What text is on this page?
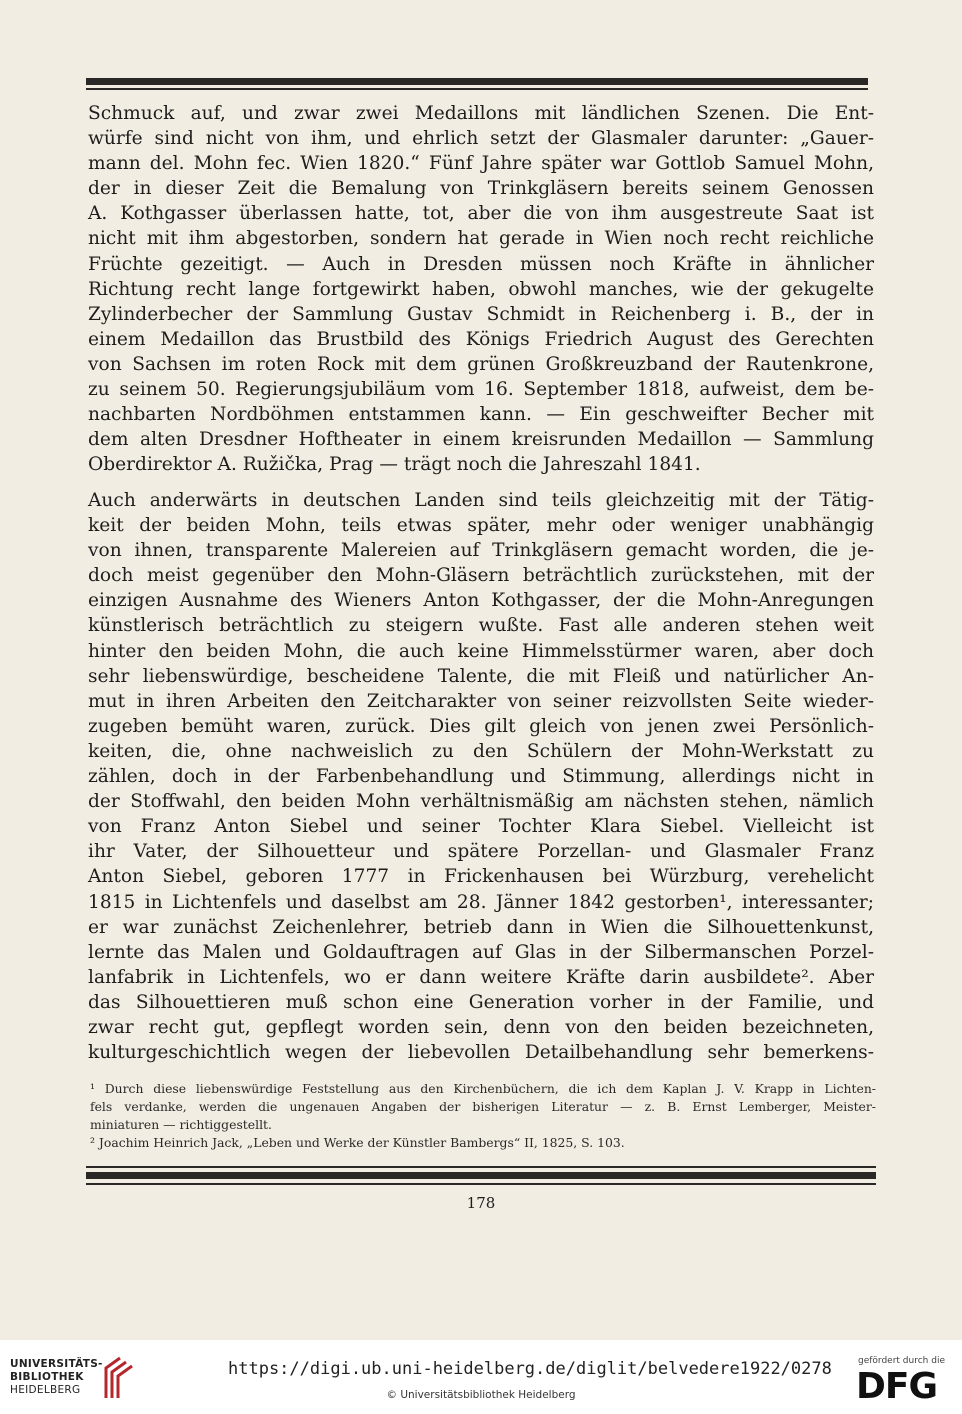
Schmuck auf, und zwar zwei Medaillons mit ländlichen Szenen. Die Ent-
würfe sind nicht von ihm, und ehrlich setzt der Glasmaler darunter: „Gauer-
mann del. Mohn fec. Wien 1820.“ Fünf Jahre später war Gottlob Samuel Mohn,
der in dieser Zeit die Bemalung von Trinkgläsern bereits seinem Genossen
A. Kothgasser überlassen hatte, tot, aber die von ihm ausgestreute Saat ist
nicht mit ihm abgestorben, sondern hat gerade in Wien noch recht reichliche
Früchte gezeitigt. — Auch in Dresden müssen noch Kräfte in ähnlicher
Richtung recht lange fortgewirkt haben, obwohl manches, wie der gekugelte
Zylinderbecher der Sammlung Gustav Schmidt in Reichenberg i. B., der in
einem Medaillon das Brustbild des Königs Friedrich August des Gerechten
von Sachsen im roten Rock mit dem grünen Großkreuzband der Rautenkrone,
zu seinem 50. Regierungsjubiläum vom 16. September 1818, aufweist, dem be-
nachbarten Nordböhmen entstammen kann. — Ein geschweifter Becher mit
dem alten Dresdner Hoftheater in einem kreisrunden Medaillon — Sammlung
Oberdirektor A. Ružička, Prag — trägt noch die Jahreszahl 1841.
Auch anderwärts in deutschen Landen sind teils gleichzeitig mit der Tätig-
keit der beiden Mohn, teils etwas später, mehr oder weniger unabhängig
von ihnen, transparente Malereien auf Trinkgläsern gemacht worden, die je-
doch meist gegenüber den Mohn-Gläsern beträchtlich zurückstehen, mit der
einzigen Ausnahme des Wieners Anton Kothgasser, der die Mohn-Anregungen
künstlerisch beträchtlich zu steigern wußte. Fast alle anderen stehen weit
hinter den beiden Mohn, die auch keine Himmelsstürmer waren, aber doch
sehr liebenswürdige, bescheidene Talente, die mit Fleiß und natürlicher An-
mut in ihren Arbeiten den Zeitcharakter von seiner reizvollsten Seite wieder-
zugeben bemüht waren, zurück. Dies gilt gleich von jenen zwei Persönlich-
keiten, die, ohne nachweislich zu den Schülern der Mohn-Werkstatt zu
zählen, doch in der Farbenbehandlung und Stimmung, allerdings nicht in
der Stoffwahl, den beiden Mohn verhältnismäßig am nächsten stehen, nämlich
von Franz Anton Siebel und seiner Tochter Klara Siebel. Vielleicht ist
ihr Vater, der Silhouetteur und spätere Porzellan- und Glasmaler Franz
Anton Siebel, geboren 1777 in Frickenhausen bei Würzburg, verehelicht
1815 in Lichtenfels und daselbst am 28. Jänner 1842 gestorben¹, interessanter;
er war zunächst Zeichenlehrer, betrieb dann in Wien die Silhouettenkunst,
lernte das Malen und Goldauftragen auf Glas in der Silbermanschen Porzel-
lanfabrik in Lichtenfels, wo er dann weitere Kräfte darin ausbildete². Aber
das Silhouettieren muß schon eine Generation vorher in der Familie, und
zwar recht gut, gepflegt worden sein, denn von den beiden bezeichneten,
kulturgeschichtlich wegen der liebevollen Detailbehandlung sehr bemerkens-
¹ Durch diese liebenswürdige Feststellung aus den Kirchenbüchern, die ich dem Kaplan J. V. Krapp in Lichten-
fels verdanke, werden die ungenauen Angaben der bisherigen Literatur — z. B. Ernst Lemberger, Meister-
miniaturen — richtiggestellt.
² Joachim Heinrich Jack, „Leben und Werke der Künstler Bambergs“ II, 1825, S. 103.
178
UNIVERSITÄTS-
BIBLIOTHEK
HEIDELBERG
https://digi.ub.uni-heidelberg.de/diglit/belvedere1922/0278
© Universitätsbibliothek Heidelberg
gefördert durch die
DFG
